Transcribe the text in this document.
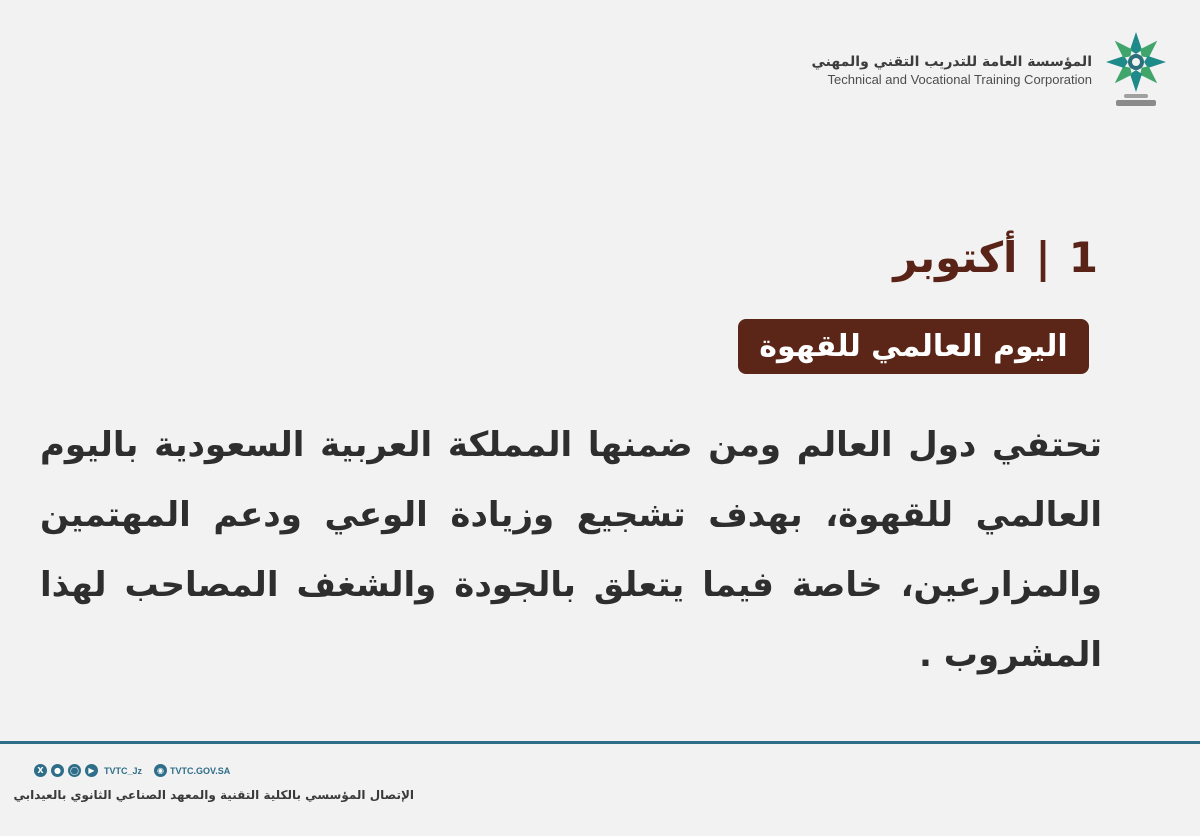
المؤسسة العامة للتدريب التقني والمهني
Technical and Vocational Training Corporation
1|أكتوبر
اليوم العالمي للقهوة

تحتفي دول العالم ومن ضمنها المملكة العربية السعودية باليوم العالمي للقهوة، بهدف تشجيع وزيادة الوعي ودعم المهتمين والمزارعين، خاصة فيما يتعلق بالجودة والشغف المصاحب لهذا المشروب .

X	●	◯	▶	TVTC_Jz	◉ TVTC.GOV.SA
الإتصال المؤسسي بالكلية التقنية والمعهد الصناعي الثانوي بالعيدابي
